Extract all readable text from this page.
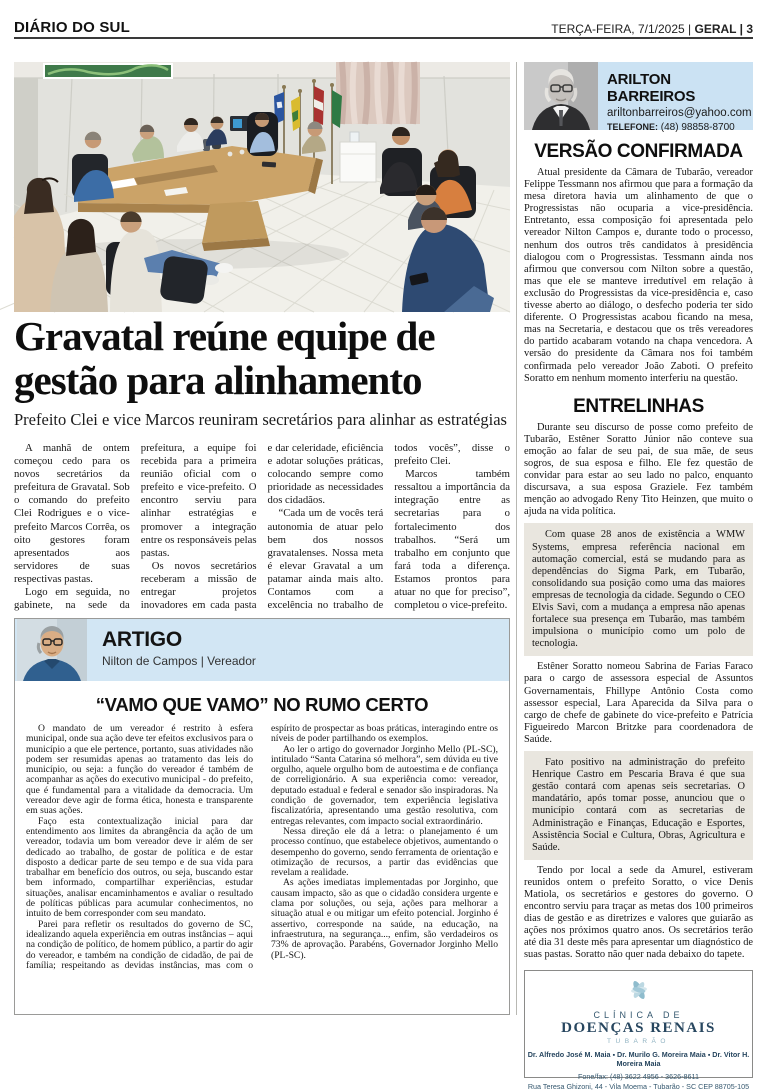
DIÁRIO DO SUL	TERÇA-FEIRA, 7/1/2025 | GERAL | 3
Gravatal reúne equipe de gestão para alinhamento

Prefeito Clei e vice Marcos reuniram secretários para alinhar as estratégias

A manhã de ontem começou cedo para os novos secretários da prefeitura de Gravatal. Sob o comando do prefeito Clei Rodrigues e o vice-prefeito Marcos Corrêa, os oito gestores foram apresentados aos servidores de suas respectivas pastas.

Logo em seguida, no gabinete, na sede da prefeitura, a equipe foi recebida para a primeira reunião oficial com o prefeito e vice-prefeito. O encontro serviu para alinhar estratégias e promover a integração entre os responsáveis pelas pastas.

Os novos secretários receberam a missão de entregar projetos inovadores em cada pasta e dar celeridade, eficiência e adotar soluções práticas, colocando sempre como prioridade as necessidades dos cidadãos.

“Cada um de vocês terá autonomia de atuar pelo bem dos nossos gravatalenses. Nossa meta é elevar Gravatal a um patamar ainda mais alto. Contamos com a excelência no trabalho de todos vocês”, disse o prefeito Clei.

Marcos também ressaltou a importância da integração entre as secretarias para o fortalecimento dos trabalhos. “Será um trabalho em conjunto que fará toda a diferença. Estamos prontos para atuar no que for preciso”, completou o vice-prefeito.

ARTIGO
Nilton de Campos | Vereador
“VAMO QUE VAMO” NO RUMO CERTO

O mandato de um vereador é restrito à esfera municipal, onde sua ação deve ter efeitos exclusivos para o município a que ele pertence, portanto, suas atividades não podem ser resumidas apenas ao tratamento das leis do município, ou seja: a função do vereador é também de acompanhar as ações do executivo municipal - do prefeito, que é fundamental para a vitalidade da democracia. Um vereador deve agir de forma ética, honesta e transparente em suas ações.

Faço esta contextualização inicial para dar entendimento aos limites da abrangência da ação de um vereador, todavia um bom vereador deve ir além de ser dedicado ao trabalho, de gostar de política e de estar disposto a dedicar parte de seu tempo e de sua vida para trabalhar em benefício dos outros, ou seja, buscando estar bem informado, compartilhar experiências, estudar situações, analisar encaminhamentos e avaliar o resultado de políticas públicas para acumular conhecimentos, no intuito de bem corresponder com seu mandato.

Parei para refletir os resultados do governo de SC, idealizando aquela experiência em outras instâncias – aqui na condição de político, de homem público, a partir do agir do vereador, e também na condição de cidadão, de pai de família; respeitando as devidas instâncias, mas com o espírito de prospectar as boas práticas, interagindo entre os níveis de poder partilhando os exemplos.

Ao ler o artigo do governador Jorginho Mello (PL-SC), intitulado “Santa Catarina só melhora”, sem dúvida eu tive orgulho, aquele orgulho bom de autoestima e de confiança de correligionário. A sua experiência como: vereador, deputado estadual e federal e senador são inspiradoras. Na condição de governador, tem experiência legislativa fiscalizatória, apresentando uma gestão resolutiva, com entregas relevantes, com impacto social extraordinário.

Nessa direção ele dá a letra: o planejamento é um processo contínuo, que estabelece objetivos, aumentando o desempenho do governo, sendo ferramenta de orientação e otimização de recursos, a partir das evidências que revelam a realidade.

As ações imediatas implementadas por Jorginho, que causam impacto, são as que o cidadão considera urgente e clama por soluções, ou seja, ações para melhorar a situação atual e ou mitigar um efeito potencial. Jorginho é assertivo, corresponde na saúde, na educação, na infraestrutura, na segurança..., enfim, são verdadeiros os 73% de aprovação. Parabéns, Governador Jorginho Mello (PL-SC).

ARILTON BARREIROS
ariltonbarreiros@yahoo.com
TELEFONE: (48) 98858-8700
VERSÃO CONFIRMADA

Atual presidente da Câmara de Tubarão, vereador Felippe Tessmann nos afirmou que para a formação da mesa diretora havia um alinhamento de que o Progressistas não ocuparia a vice-presidência. Entretanto, essa composição foi apresentada pelo vereador Nilton Campos e, durante todo o processo, nenhum dos outros três candidatos à presidência dialogou com o Progressistas. Tessmann ainda nos afirmou que conversou com Nilton sobre a questão, mas que ele se manteve irredutível em relação à exclusão do Progressistas da vice-presidência e, caso tivesse aberto ao diálogo, o desfecho poderia ter sido diferente. O Progressistas acabou ficando na mesa, mas na Secretaria, e destacou que os três vereadores do partido acabaram votando na chapa vencedora. A versão do presidente da Câmara nos foi também confirmada pelo vereador João Zaboti. O prefeito Soratto em nenhum momento interferiu na questão.

ENTRELINHAS

Durante seu discurso de posse como prefeito de Tubarão, Estêner Soratto Júnior não conteve sua emoção ao falar de seu pai, de sua mãe, de seus sogros, de sua esposa e filho. Ele fez questão de convidar para estar ao seu lado no palco, enquanto discursava, a sua esposa Graziele. Fez também menção ao advogado Reny Tito Heinzen, que muito o ajuda na vida política.

Com quase 28 anos de existência a WMW Systems, empresa referência nacional em automação comercial, está se mudando para as dependências do Sigma Park, em Tubarão, consolidando sua posição como uma das maiores empresas de tecnologia da cidade. Segundo o CEO Elvis Savi, com a mudança a empresa não apenas fortalece sua presença em Tubarão, mas também impulsiona o município como um polo de tecnologia.

Estêner Soratto nomeou Sabrina de Farias Faraco para o cargo de assessora especial de Assuntos Governamentais, Fhillype Antônio Costa como assessor especial, Lara Aparecida da Silva para o cargo de chefe de gabinete do vice-prefeito e Patrícia Figueiredo Marcon Britzke para coordenadora de Saúde.

Fato positivo na administração do prefeito Henrique Castro em Pescaria Brava é que sua gestão contará com apenas seis secretarias. O mandatário, após tomar posse, anunciou que o município contará com as secretarias de Administração e Finanças, Educação e Esportes, Assistência Social e Cultura, Obras, Agricultura e Saúde.

Tendo por local a sede da Amurel, estiveram reunidos ontem o prefeito Soratto, o vice Denis Matiola, os secretários e gestores do governo. O encontro serviu para traçar as metas dos 100 primeiros dias de gestão e as diretrizes e valores que guiarão as ações nos próximos quatro anos. Os secretários terão até dia 31 deste mês para apresentar um diagnóstico de suas pastas. Soratto não quer nada debaixo do tapete.

CLÍNICA DE
DOENÇAS RENAIS
TUBARÃO
Dr. Alfredo José M. Maia ▪ Dr. Murilo G. Moreira Maia ▪ Dr. Vitor H. Moreira Maia
Fone/fax: (48) 3622 4956 - 3626-8611
Rua Teresa Ghizoni, 44 - Vila Moema - Tubarão - SC CEP 88705-105
